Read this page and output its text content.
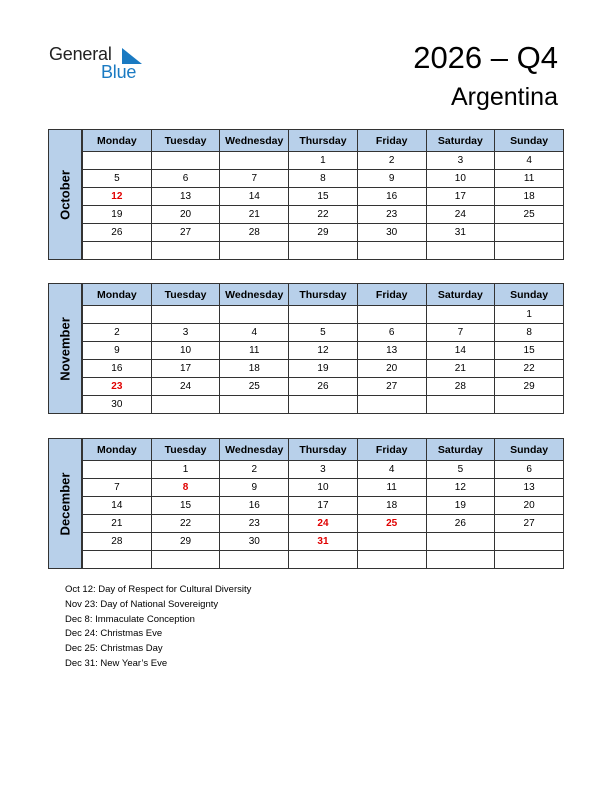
General
Blue	2026 – Q4
Argentina
October
Monday	Tuesday	Wednesday	Thursday	Friday	Saturday	Sunday
			1	2	3	4
5	6	7	8	9	10	11
12	13	14	15	16	17	18
19	20	21	22	23	24	25
26	27	28	29	30	31	

November
Monday	Tuesday	Wednesday	Thursday	Friday	Saturday	Sunday
						1
2	3	4	5	6	7	8
9	10	11	12	13	14	15
16	17	18	19	20	21	22
23	24	25	26	27	28	29
30						
December
Monday	Tuesday	Wednesday	Thursday	Friday	Saturday	Sunday
	1	2	3	4	5	6
7	8	9	10	11	12	13
14	15	16	17	18	19	20
21	22	23	24	25	26	27
28	29	30	31			

Oct 12: Day of Respect for Cultural Diversity
Nov 23: Day of National Sovereignty
Dec 8: Immaculate Conception
Dec 24: Christmas Eve
Dec 25: Christmas Day
Dec 31: New Year’s Eve
